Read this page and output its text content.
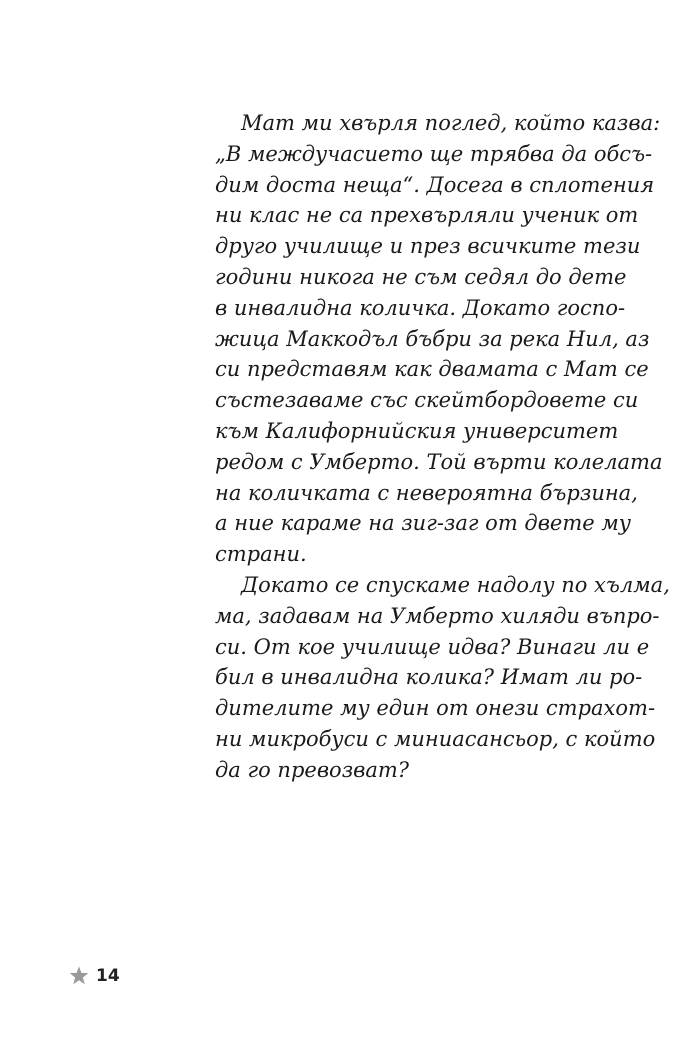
Мат ми хвърля поглед, който казва:
„В междучасието ще трябва да обсъ-
дим доста неща“. Досега в сплотения
ни клас не са прехвърляли ученик от
друго училище и през всичките тези
години никога не съм седял до дете
в инвалидна количка. Докато госпо-
жица Маккодъл бъбри за река Нил, аз
си представям как двамата с Мат се
състезаваме със скейтбордовете си
към Калифорнийския университет
редом с Умберто. Той върти колелата
на количката с невероятна бързина,
а ние караме на зиг-заг от двете му
страни.
Докато се спускаме надолу по хълма,
ма, задавам на Умберто хиляди въпро-
си. От кое училище идва? Винаги ли е
бил в инвалидна колика? Имат ли ро-
дителите му един от онези страхот-
ни микробуси с миниасансьор, с който
да го превозват?
14
